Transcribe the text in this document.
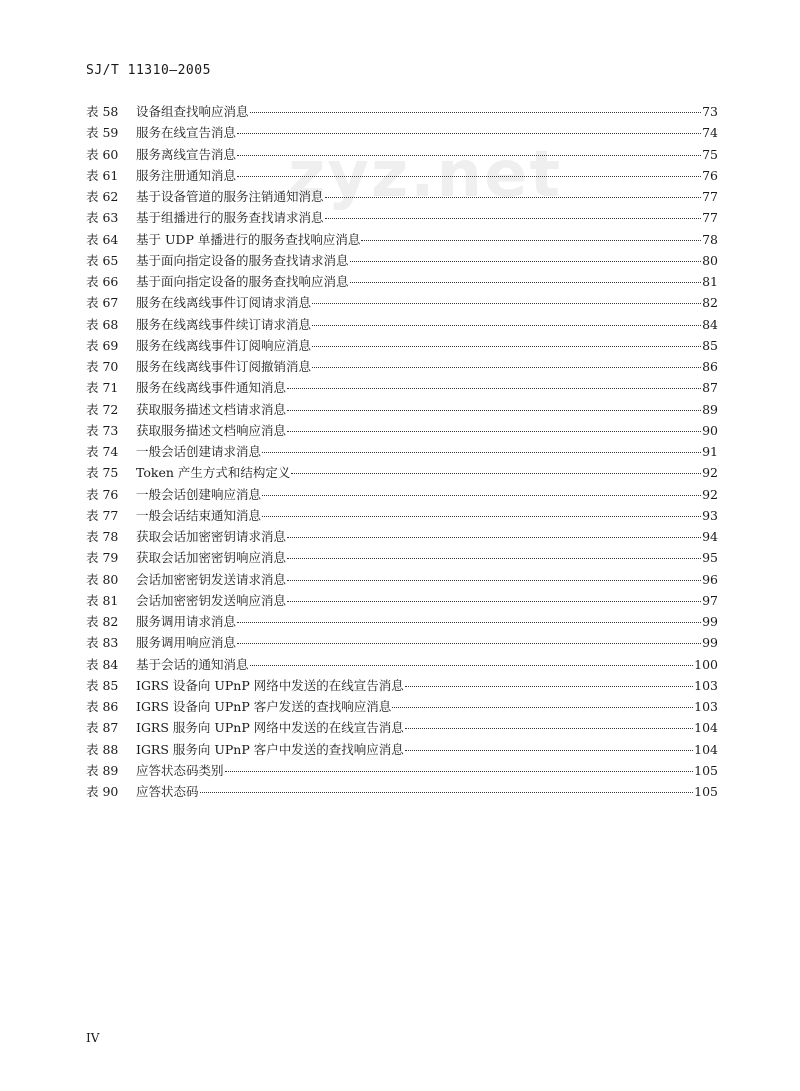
SJ/T 11310—2005
zyz.net
表 58	设备组查找响应消息	73
表 59	服务在线宣告消息	74
表 60	服务离线宣告消息	75
表 61	服务注册通知消息	76
表 62	基于设备管道的服务注销通知消息	77
表 63	基于组播进行的服务查找请求消息	77
表 64	基于 UDP 单播进行的服务查找响应消息	78
表 65	基于面向指定设备的服务查找请求消息	80
表 66	基于面向指定设备的服务查找响应消息	81
表 67	服务在线离线事件订阅请求消息	82
表 68	服务在线离线事件续订请求消息	84
表 69	服务在线离线事件订阅响应消息	85
表 70	服务在线离线事件订阅撤销消息	86
表 71	服务在线离线事件通知消息	87
表 72	获取服务描述文档请求消息	89
表 73	获取服务描述文档响应消息	90
表 74	一般会话创建请求消息	91
表 75	Token 产生方式和结构定义	92
表 76	一般会话创建响应消息	92
表 77	一般会话结束通知消息	93
表 78	获取会话加密密钥请求消息	94
表 79	获取会话加密密钥响应消息	95
表 80	会话加密密钥发送请求消息	96
表 81	会话加密密钥发送响应消息	97
表 82	服务调用请求消息	99
表 83	服务调用响应消息	99
表 84	基于会话的通知消息	100
表 85	IGRS 设备向 UPnP 网络中发送的在线宣告消息	103
表 86	IGRS 设备向 UPnP 客户发送的查找响应消息	103
表 87	IGRS 服务向 UPnP 网络中发送的在线宣告消息	104
表 88	IGRS 服务向 UPnP 客户中发送的查找响应消息	104
表 89	应答状态码类别	105
表 90	应答状态码	105
IV
